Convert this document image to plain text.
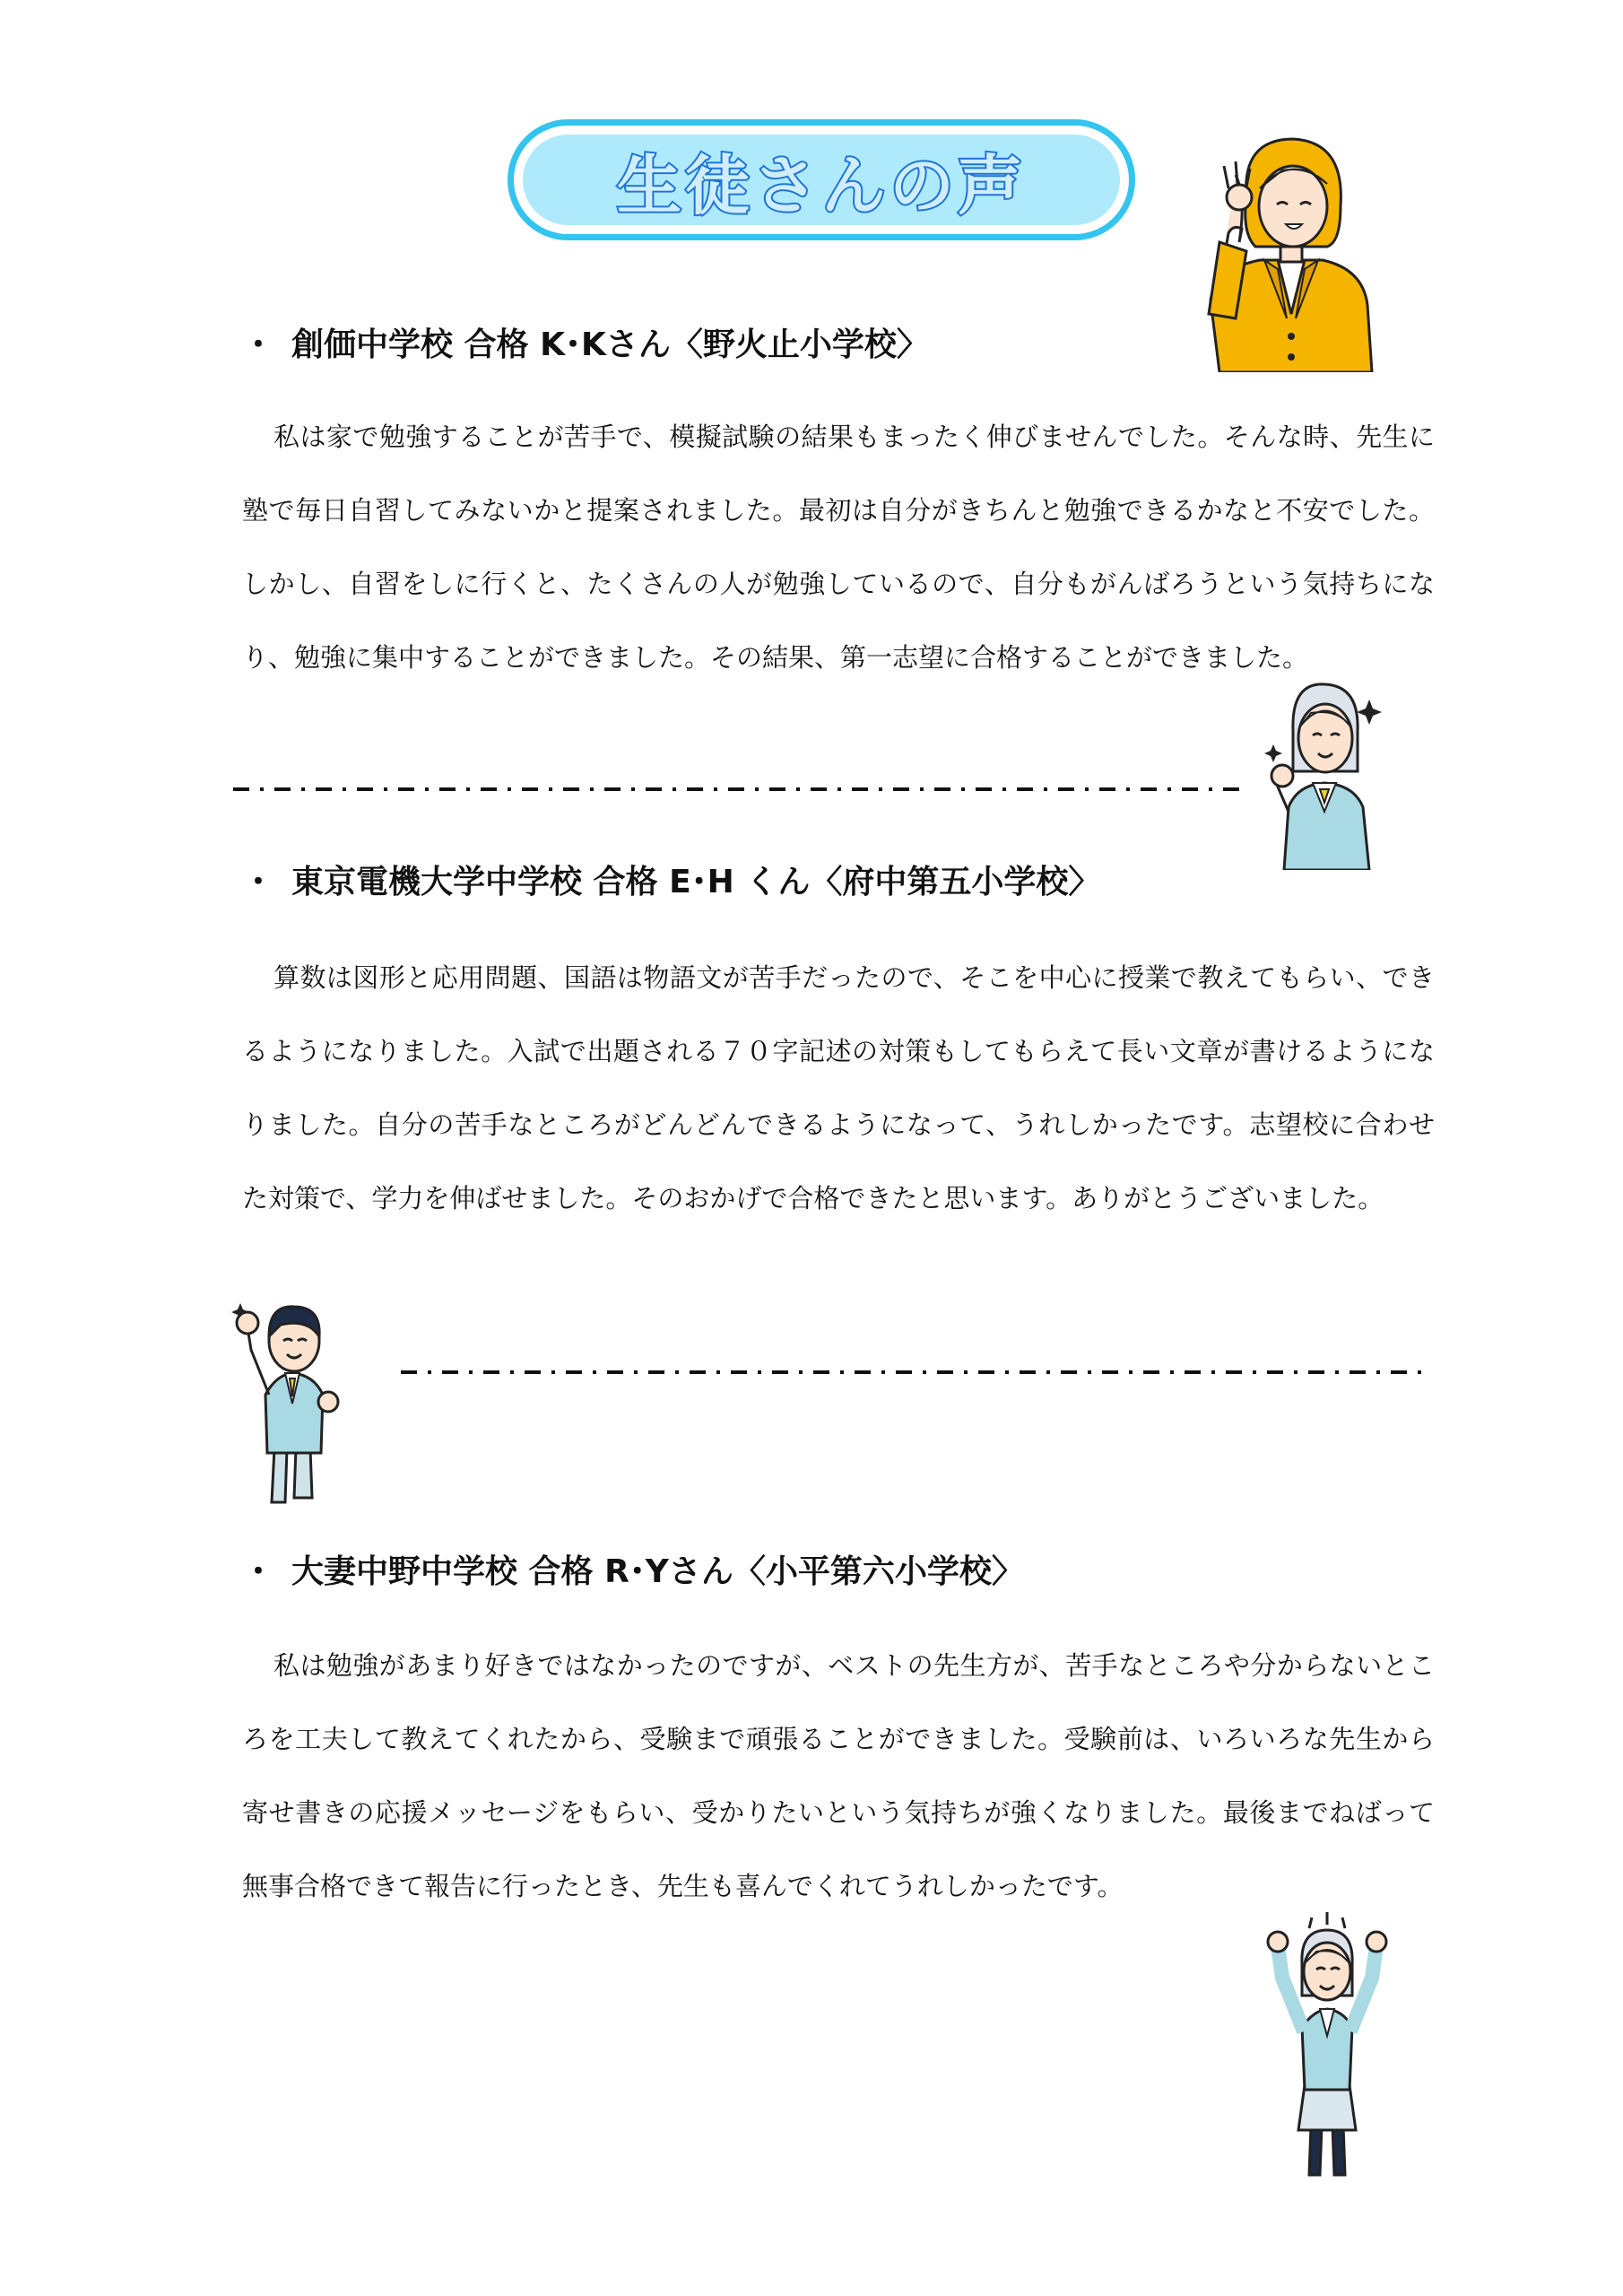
生徒さんの声
・ 創価中学校 合格 K･Kさん〈野火止小学校〉

私は家で勉強することが苦手で、模擬試験の結果もまったく伸びませんでした。そんな時、先生に塾で毎日自習してみないかと提案されました。最初は自分がきちんと勉強できるかなと不安でした。しかし、自習をしに行くと、たくさんの人が勉強しているので、自分もがんばろうという気持ちになり、勉強に集中することができました。その結果、第一志望に合格することができました。

・ 東京電機大学中学校 合格 E･H くん〈府中第五小学校〉

算数は図形と応用問題、国語は物語文が苦手だったので、そこを中心に授業で教えてもらい、できるようになりました。入試で出題される７０字記述の対策もしてもらえて長い文章が書けるようになりました。自分の苦手なところがどんどんできるようになって、うれしかったです。志望校に合わせた対策で、学力を伸ばせました。そのおかげで合格できたと思います。ありがとうございました。

・ 大妻中野中学校 合格 R･Yさん〈小平第六小学校〉

私は勉強があまり好きではなかったのですが、ベストの先生方が、苦手なところや分からないところを工夫して教えてくれたから、受験まで頑張ることができました。受験前は、いろいろな先生から寄せ書きの応援メッセージをもらい、受かりたいという気持ちが強くなりました。最後までねばって無事合格できて報告に行ったとき、先生も喜んでくれてうれしかったです。
